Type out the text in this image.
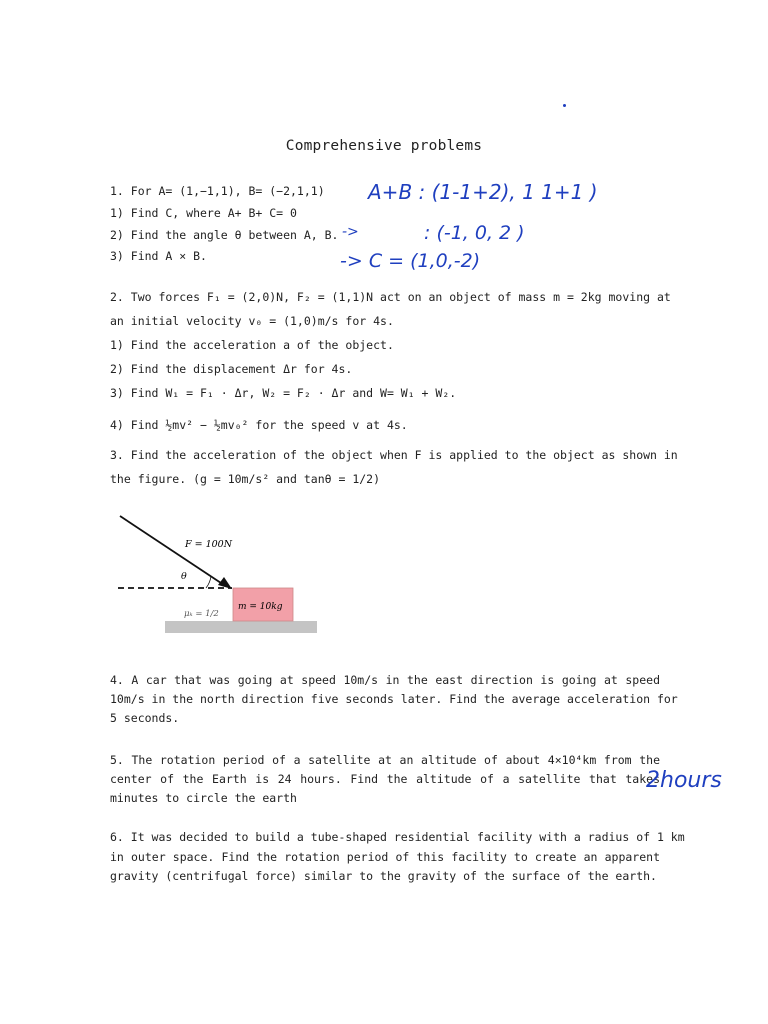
Comprehensive problems
1. For A= (1,−1,1), B= (−2,1,1)
1) Find C, where A+ B+ C= 0
2) Find the angle θ between A, B.
3) Find A × B.
2. Two forces F₁ = (2,0)N, F₂ = (1,1)N act on an object of mass m = 2kg moving at
an initial velocity v₀ = (1,0)m/s for 4s.
1) Find the acceleration a of the object.
2) Find the displacement Δr for 4s.
3) Find W₁ = F₁ · Δr, W₂ = F₂ · Δr and W= W₁ + W₂.
4) Find ½mv² − ½mv₀² for the speed v at 4s.
3. Find the acceleration of the object when F is applied to the object as shown in
the figure. (g = 10m/s² and tanθ = 1/2)
F = 100N
θ
m = 10kg
μₖ = 1/2
4. A car that was going at speed 10m/s in the east direction is going at speed
10m/s in the north direction five seconds later. Find the average acceleration for
5 seconds.
5. The rotation period of a satellite at an altitude of about 4×10⁴km from the
center of the Earth is 24 hours. Find the altitude of a satellite that takes
minutes to circle the earth
6. It was decided to build a tube-shaped residential facility with a radius of 1 km
in outer space. Find the rotation period of this facility to create an apparent
gravity (centrifugal force) similar to the gravity of the surface of the earth.
A+B : (1-1+2), 1 1+1 )
->	: (-1, 0, 2 )
-> C = (1,0,-2)
2hours
